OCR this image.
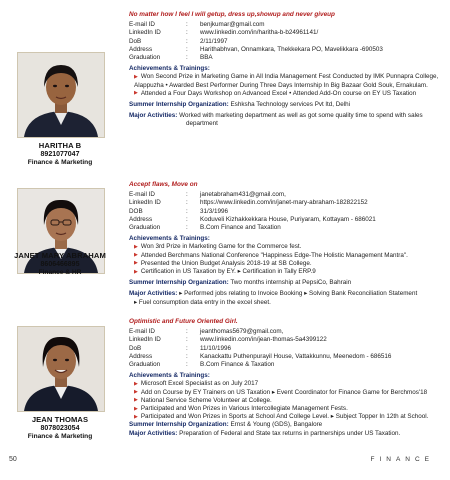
HARITHA B
8921077047
Finance & Marketing
No matter how I feel I will getup, dress up,showup and never giveup
E-mail ID	:	benjkumar@gmail.com
LinkedIn ID	:	www.linkedin.com/in/haritha-b-b24961141/
DoB	:	2/11/1997
Address	:	Harithabhvan, Onnamkara, Thekkekara PO, Mavelikkara -690503
Graduation	:	BBA
Achievements & Trainings:
▶ Won Second Prize in Marketing Game in All India Management Fest Conducted by IMK Punnapra College,
Alappuzha • Awarded Best Performer During Three Days Internship In Big Bazaar Gold Souk, Ernakulam.
▶ Attended a Four Days Workshop on Advanced Excel • Attended Add-On course on EY US Taxation
Summer Internship Organization: Eshksha Technology services Pvt ltd, Delhi
Major Activities: Worked with marketing department as well as got some quality time to spend with sales
department
JANET MARY ABRAHAM
8606466895
Finance & HR
Accept flaws, Move on
E-mail ID	:	janetabraham431@gmail.com,
LinkedIn ID	:	https://www.linkedin.com/in/janet-mary-abraham-182822152
DOB	:	31/3/1996
Address	:	Koduveli Kizhakkekkara House, Puriyaram, Kottayam - 686021
Graduation	:	B.Com Finance and Taxation
Achievements & Trainings:
▶ Won 3rd Prize in Marketing Game for the Commerce fest.
▶ Attended Berchmans National Conference "Happiness Edge-The Holistic Management Mantra".
▶ Presented the Union Budget Analysis 2018-19 at SB College.
▶ Certification in US Taxation by EY. ▸ Certification in Tally ERP.9
Summer Internship Organization: Two months internship at PepsiCo, Bahrain
Major Activities: ▸ Performed jobs relating to Invoice Booking ▸ Solving Bank Reconciliation Statement
▸ Fuel consumption data entry in the excel sheet.
JEAN THOMAS
8078023054
Finance & Marketing
Optimistic and Future Oriented Girl.
E-mail ID	:	jeanthomas5679@gmail.com,
LinkedIn ID	:	www.linkedin.com/in/jean-thomas-5a4399122
DoB	:	11/10/1996
Address	:	Kanackattu Puthenpurayil House, Vattakkunnu, Meenedom - 686516
Graduation	:	B.Com Finance & Taxation
Achievements & Trainings:
▶ Microsoft Excel Specialist as on July 2017
▶ Add on Course by EY Trainers on US Taxation ▸ Event Coordinator for Finance Game for Berchmos'18
▶ National Service Scheme Volunteer at College.
▶ Participated and Won Prizes in Various Intercollegiate Management Fests.
▶ Participated and Won Prizes in Sports at School And College Level. ▸ Subject Topper In 12th at School.
Summer Internship Organization: Ernst & Young (GDS), Bangalore
Major Activities: Preparation of Federal and State tax returns in partnerships under US Taxation.
50	FINANCE
